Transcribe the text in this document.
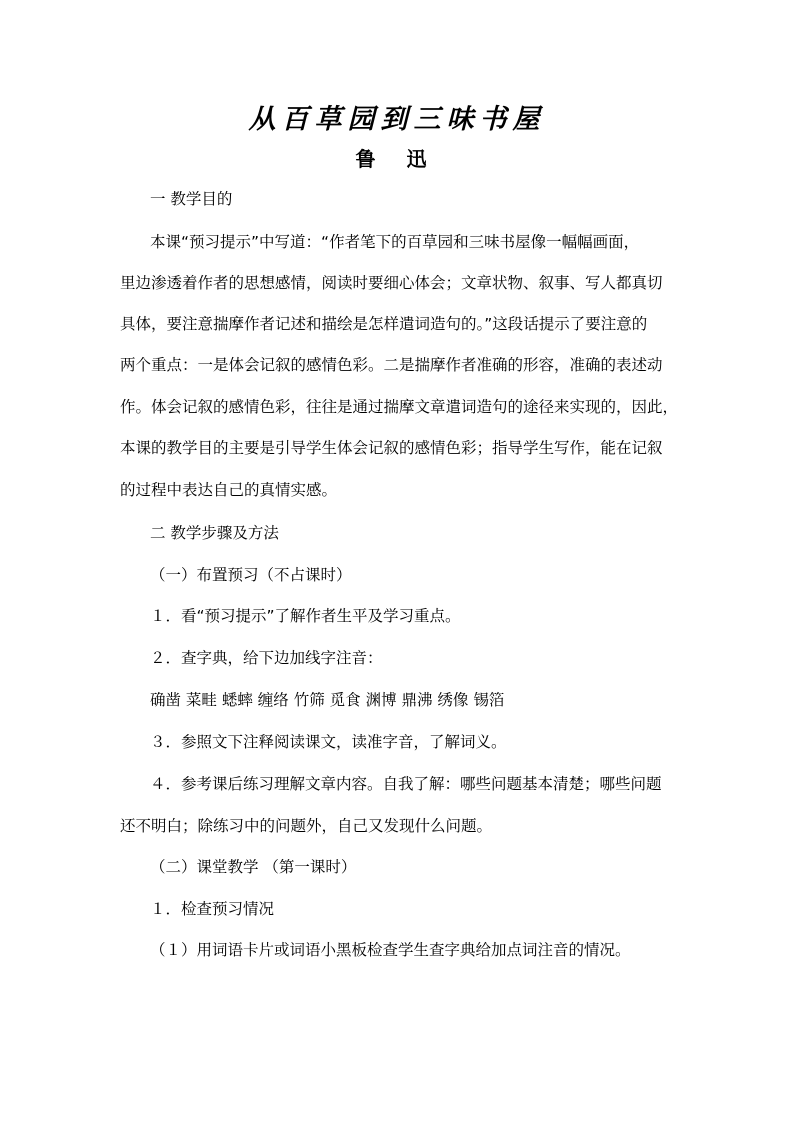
从百草园到三味书屋
鲁 迅
一 教学目的
本课“预习提示”中写道：“作者笔下的百草园和三味书屋像一幅幅画面，
里边渗透着作者的思想感情，阅读时要细心体会；文章状物、叙事、写人都真切
具体，要注意揣摩作者记述和描绘是怎样遣词造句的。”这段话提示了要注意的
两个重点：一是体会记叙的感情色彩。二是揣摩作者准确的形容，准确的表述动
作。体会记叙的感情色彩，往往是通过揣摩文章遣词造句的途径来实现的，因此，
本课的教学目的主要是引导学生体会记叙的感情色彩；指导学生写作，能在记叙
的过程中表达自己的真情实感。
二 教学步骤及方法
（一）布置预习（不占课时）
１．看“预习提示”了解作者生平及学习重点。
２．查字典，给下边加线字注音：
确凿 菜畦 蟋蟀 缠络 竹筛 觅食 渊博 鼎沸 绣像 锡箔
３．参照文下注释阅读课文，读准字音，了解词义。
４．参考课后练习理解文章内容。自我了解：哪些问题基本清楚；哪些问题
还不明白；除练习中的问题外，自己又发现什么问题。
（二）课堂教学 （第一课时）
１．检查预习情况
（１）用词语卡片或词语小黑板检查学生查字典给加点词注音的情况。
